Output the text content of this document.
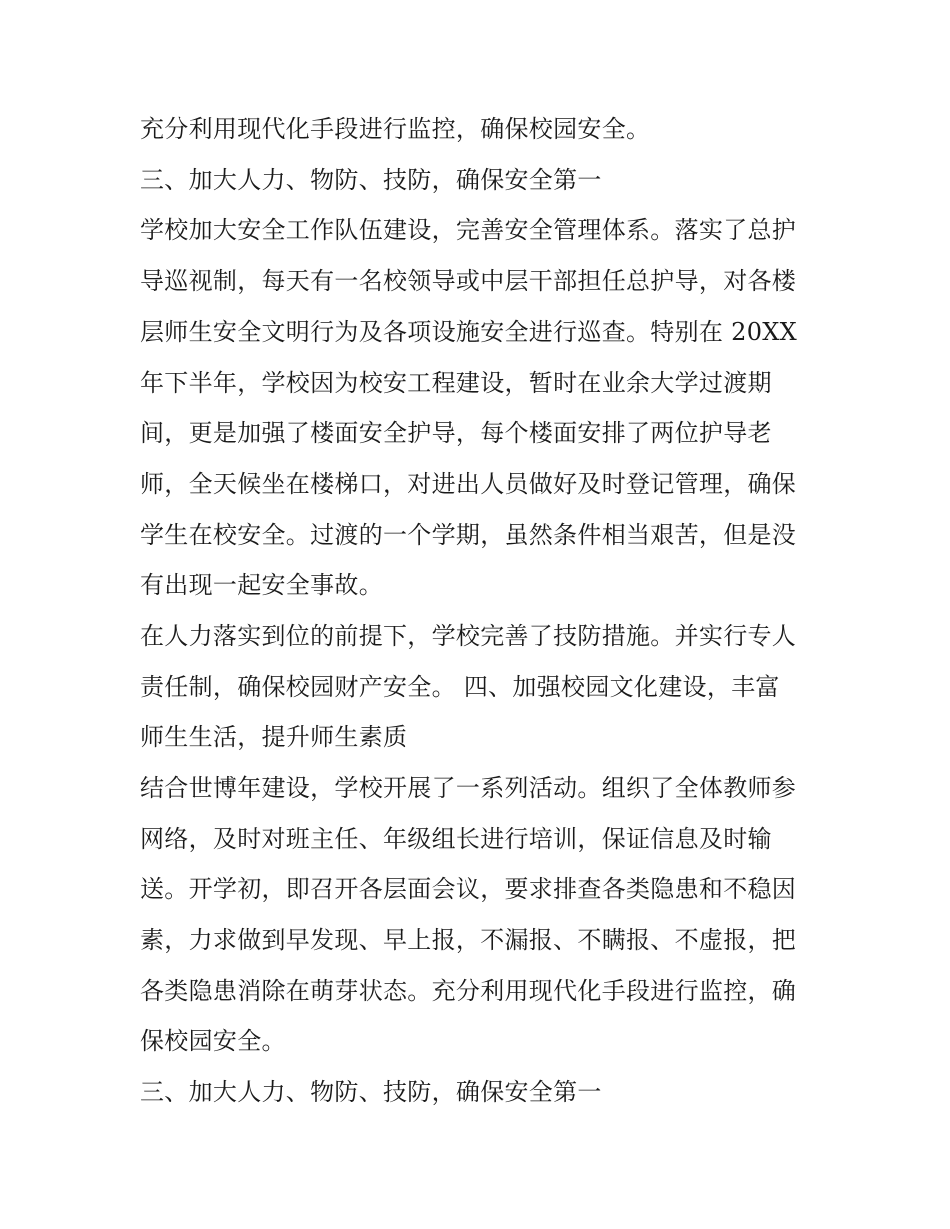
充分利用现代化手段进行监控，确保校园安全。
三、加大人力、物防、技防，确保安全第一
学校加大安全工作队伍建设，完善安全管理体系。落实了总护
导巡视制，每天有一名校领导或中层干部担任总护导，对各楼
层师生安全文明行为及各项设施安全进行巡查。特别在 20XX
年下半年，学校因为校安工程建设，暂时在业余大学过渡期
间，更是加强了楼面安全护导，每个楼面安排了两位护导老
师，全天候坐在楼梯口，对进出人员做好及时登记管理，确保
学生在校安全。过渡的一个学期，虽然条件相当艰苦，但是没
有出现一起安全事故。
在人力落实到位的前提下，学校完善了技防措施。并实行专人
责任制，确保校园财产安全。 四、加强校园文化建设，丰富
师生生活，提升师生素质
结合世博年建设，学校开展了一系列活动。组织了全体教师参
网络，及时对班主任、年级组长进行培训，保证信息及时输
送。开学初，即召开各层面会议，要求排查各类隐患和不稳因
素，力求做到早发现、早上报，不漏报、不瞒报、不虚报，把
各类隐患消除在萌芽状态。充分利用现代化手段进行监控，确
保校园安全。
三、加大人力、物防、技防，确保安全第一
